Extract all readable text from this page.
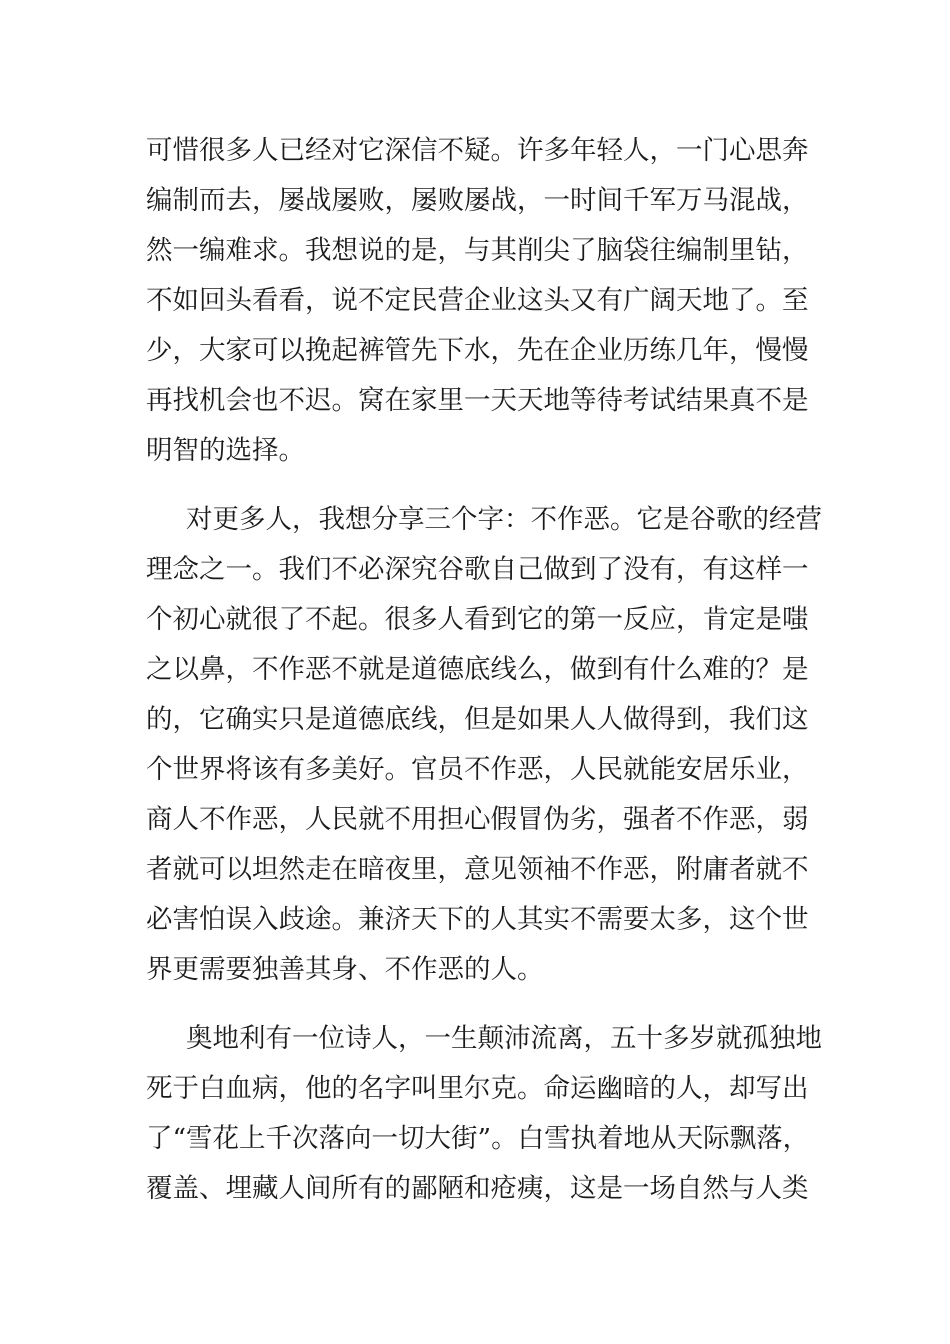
可惜很多人已经对它深信不疑。许多年轻人，一门心思奔
编制而去，屡战屡败，屡败屡战，一时间千军万马混战，
然一编难求。我想说的是，与其削尖了脑袋往编制里钻，
不如回头看看，说不定民营企业这头又有广阔天地了。至
少，大家可以挽起裤管先下水，先在企业历练几年，慢慢
再找机会也不迟。窝在家里一天天地等待考试结果真不是
明智的选择。

对更多人，我想分享三个字：不作恶。它是谷歌的经营
理念之一。我们不必深究谷歌自己做到了没有，有这样一
个初心就很了不起。很多人看到它的第一反应，肯定是嗤
之以鼻，不作恶不就是道德底线么，做到有什么难的？是
的，它确实只是道德底线，但是如果人人做得到，我们这
个世界将该有多美好。官员不作恶，人民就能安居乐业，
商人不作恶，人民就不用担心假冒伪劣，强者不作恶，弱
者就可以坦然走在暗夜里，意见领袖不作恶，附庸者就不
必害怕误入歧途。兼济天下的人其实不需要太多，这个世
界更需要独善其身、不作恶的人。

奥地利有一位诗人，一生颠沛流离，五十多岁就孤独地
死于白血病，他的名字叫里尔克。命运幽暗的人，却写出
了“雪花上千次落向一切大街”。白雪执着地从天际飘落，
覆盖、埋藏人间所有的鄙陋和疮痍，这是一场自然与人类
